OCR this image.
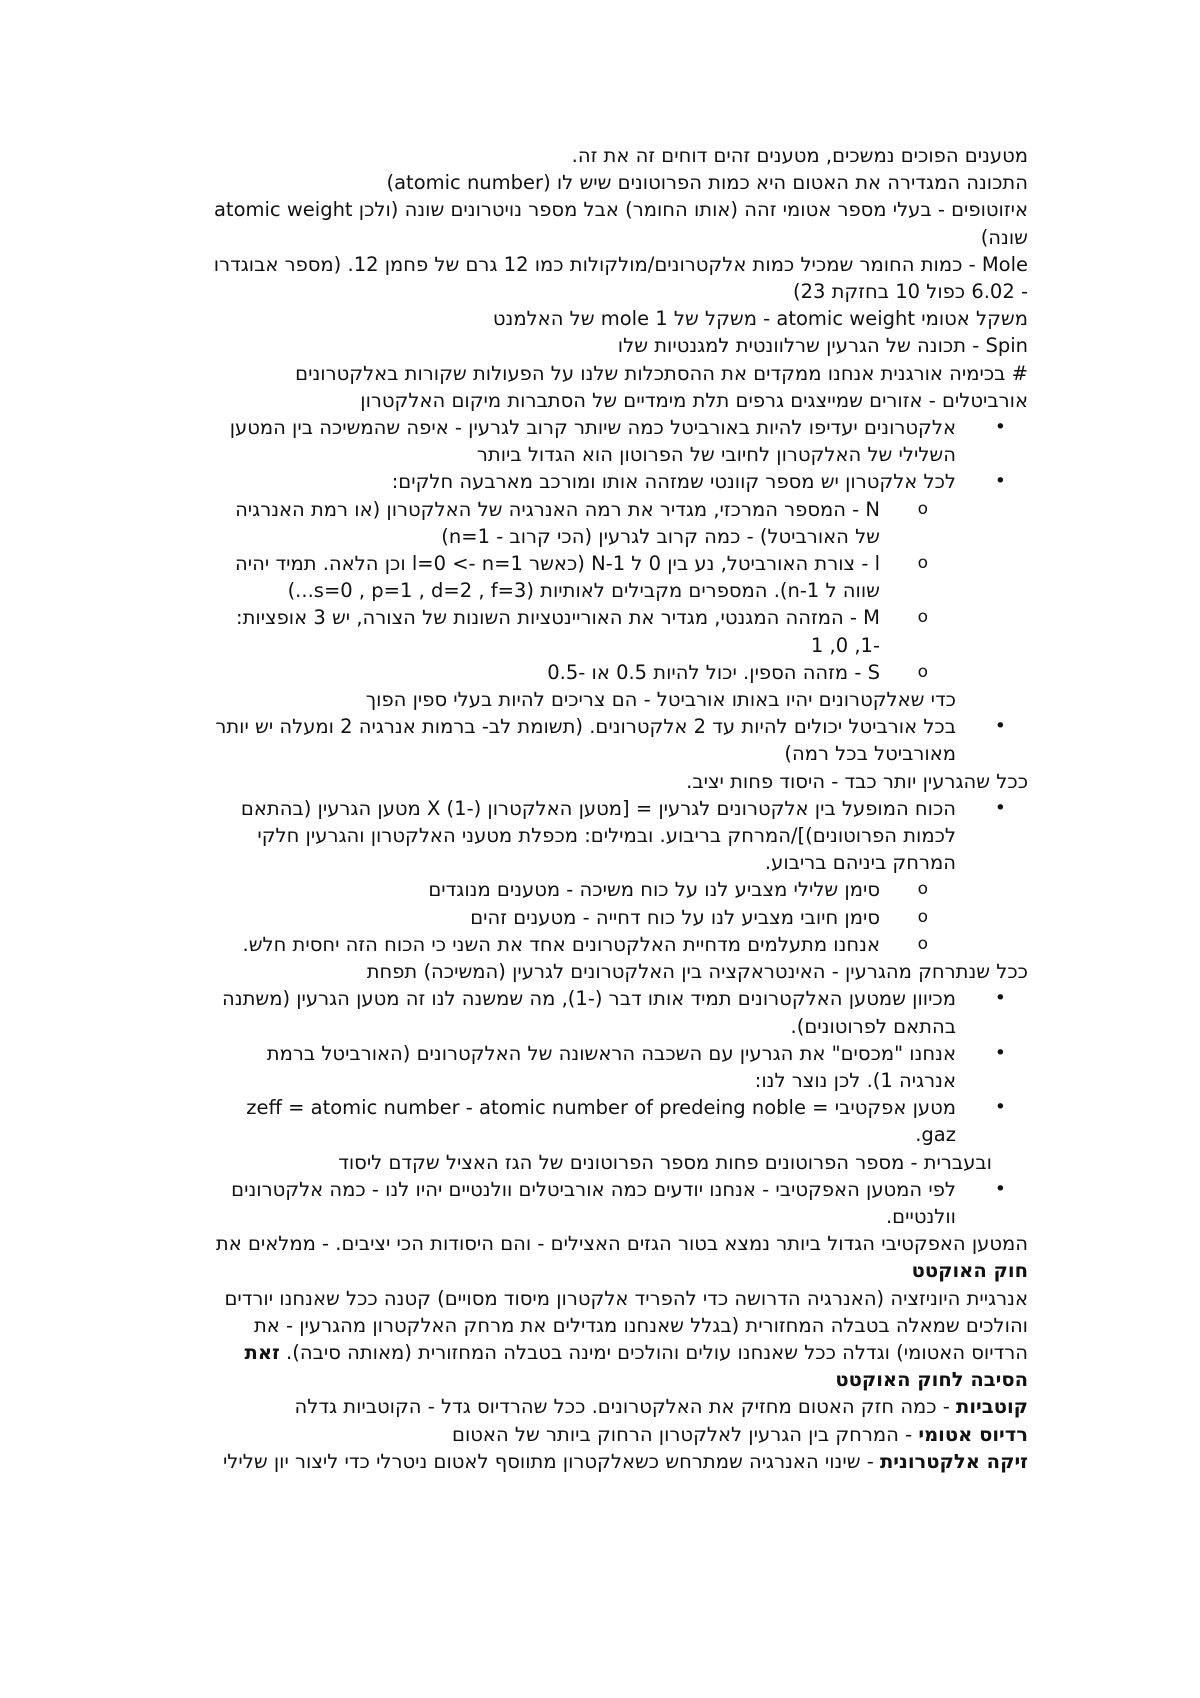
מטענים הפוכים נמשכים, מטענים זהים דוחים זה את זה.

התכונה המגדירה את האטום היא כמות הפרוטונים שיש לו (atomic number)

איזוטופים - בעלי מספר אטומי זהה (אותו החומר) אבל מספר נויטרונים שונה (ולכן atomic weight שונה)

Mole - כמות החומר שמכיל כמות אלקטרונים/מולקולות כמו 12 גרם של פחמן 12. (מספר אבוגדרו - 6.02 כפול 10 בחזקת 23)

משקל אטומי atomic weight - משקל של mole 1 של האלמנט

Spin - תכונה של הגרעין שרלוונטית למגנטיות שלו

# בכימיה אורגנית אנחנו ממקדים את ההסתכלות שלנו על הפעולות שקורות באלקטרונים אורביטלים - אזורים שמייצגים גרפים תלת מימדיים של הסתברות מיקום האלקטרון

• אלקטרונים יעדיפו להיות באורביטל כמה שיותר קרוב לגרעין - איפה שהמשיכה בין המטען השלילי של האלקטרון לחיובי של הפרוטון הוא הגדול ביותר
• לכל אלקטרון יש מספר קוונטי שמזהה אותו ומורכב מארבעה חלקים:
o N - המספר המרכזי, מגדיר את רמה האנרגיה של האלקטרון (או רמת האנרגיה של האורביטל) - כמה קרוב לגרעין (הכי קרוב - n=1)
o l - צורת האורביטל, נע בין 0 ל N-1 (כאשר l=0 <- n=1 וכן הלאה. תמיד יהיה שווה ל n-1). המספרים מקבילים לאותיות (s=0 , p=1 , d=2 , f=3...)
o M - המזהה המגנטי, מגדיר את האוריינטציות השונות של הצורה, יש 3 אופציות: -1, 0, 1
o S - מזהה הספין. יכול להיות 0.5 או -0.5

כדי שאלקטרונים יהיו באותו אורביטל - הם צריכים להיות בעלי ספין הפוך

• בכל אורביטל יכולים להיות עד 2 אלקטרונים. (תשומת לב- ברמות אנרגיה 2 ומעלה יש יותר מאורביטל בכל רמה)

ככל שהגרעין יותר כבד - היסוד פחות יציב.

• הכוח המופעל בין אלקטרונים לגרעין = [מטען האלקטרון (-1) X מטען הגרעין (בהתאם לכמות הפרוטונים)]/המרחק בריבוע. ובמילים: מכפלת מטעני האלקטרון והגרעין חלקי המרחק ביניהם בריבוע.
o סימן שלילי מצביע לנו על כוח משיכה - מטענים מנוגדים
o סימן חיובי מצביע לנו על כוח דחייה - מטענים זהים
o אנחנו מתעלמים מדחיית האלקטרונים אחד את השני כי הכוח הזה יחסית חלש.

ככל שנתרחק מהגרעין - האינטראקציה בין האלקטרונים לגרעין (המשיכה) תפחת

• מכיוון שמטען האלקטרונים תמיד אותו דבר (-1), מה שמשנה לנו זה מטען הגרעין (משתנה בהתאם לפרוטונים).
• אנחנו "מכסים" את הגרעין עם השכבה הראשונה של האלקטרונים (האורביטל ברמת אנרגיה 1). לכן נוצר לנו:
• מטען אפקטיבי = zeff = atomic number - atomic number of predeing noble gaz.

ובעברית - מספר הפרוטונים פחות מספר הפרוטונים של הגז האציל שקדם ליסוד

• לפי המטען האפקטיבי - אנחנו יודעים כמה אורביטלים וולנטיים יהיו לנו - כמה אלקטרונים וולנטיים.

המטען האפקטיבי הגדול ביותר נמצא בטור הגזים האצילים - והם היסודות הכי יציבים. - ממלאים את חוק האוקטט

אנרגיית היוניזציה (האנרגיה הדרושה כדי להפריד אלקטרון מיסוד מסויים) קטנה ככל שאנחנו יורדים והולכים שמאלה בטבלה המחזורית (בגלל שאנחנו מגדילים את מרחק האלקטרון מהגרעין - את הרדיוס האטומי) וגדלה ככל שאנחנו עולים והולכים ימינה בטבלה המחזורית (מאותה סיבה). זאת הסיבה לחוק האוקטט

קוטביות - כמה חזק האטום מחזיק את האלקטרונים. ככל שהרדיוס גדל - הקוטביות גדלה

רדיוס אטומי - המרחק בין הגרעין לאלקטרון הרחוק ביותר של האטום

זיקה אלקטרונית - שינוי האנרגיה שמתרחש כשאלקטרון מתווסף לאטום ניטרלי כדי ליצור יון שלילי
